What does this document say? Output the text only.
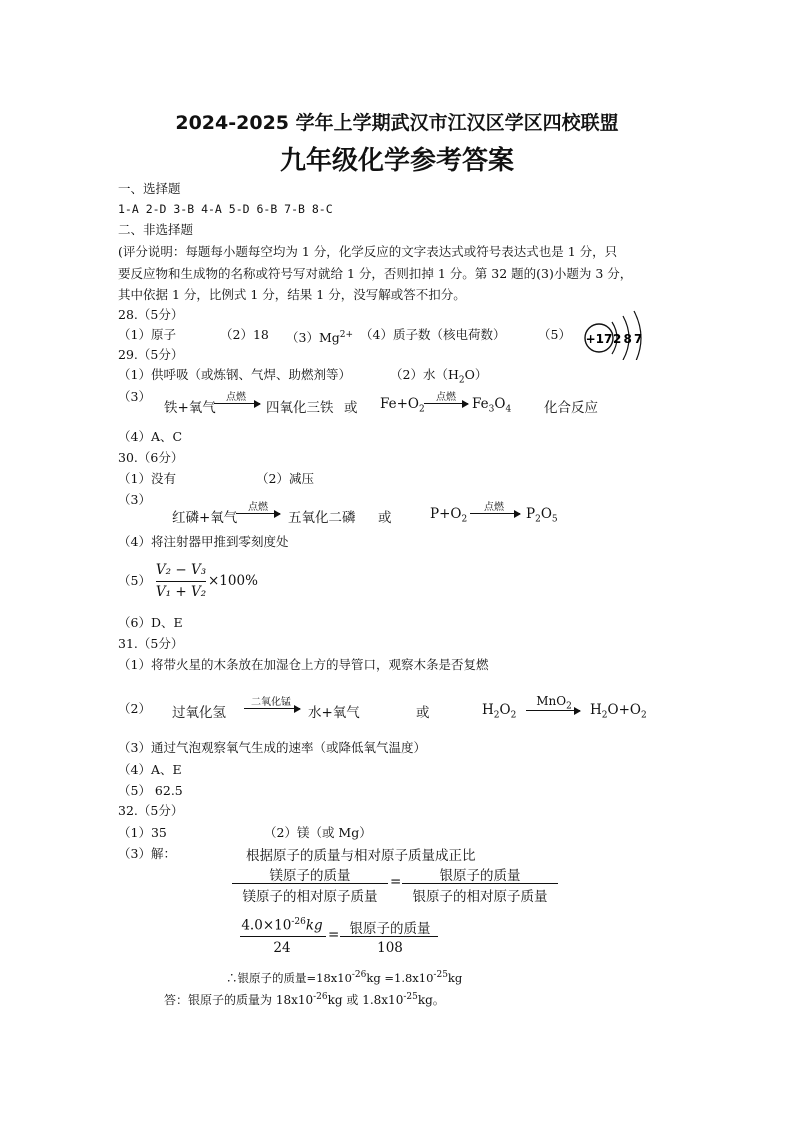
2024-2025 学年上学期武汉市江汉区学区四校联盟
九年级化学参考答案
一、选择题
1-A 2-D 3-B 4-A 5-D 6-B 7-B 8-C
二、非选择题
(评分说明：每题每小题每空均为 1 分，化学反应的文字表达式或符号表达式也是 1 分，只
要反应物和生成物的名称或符号写对就给 1 分，否则扣掉 1 分。第 32 题的(3)小题为 3 分，
其中依据 1 分，比例式 1 分，结果 1 分，没写解或答不扣分。
28.（5分）
（1）原子	（2）18 $(3)Mg^{2+}$ （4）质子数（核电荷数）	（5） +17 2 8 7
29.（5分）
（1）供呼吸（或炼钢、气焊、助燃剂等）	（2）水$(H_2O)$
（3）
铁+氧气
点燃
四氧化三铁 或 $Fe+O_2$
点燃	$Fe_3O_4$ 化合反应
（4）A、C
30.（6分）
（1）没有	（2）减压
（3）
红磷+氧气
点燃
五氧化二磷 或	$P+O_2$
点燃	$P_2O_5$
（4）将注射器甲推到零刻度处
（5）
V₂ − V₃
V₁ + V₂
×100%
（6）D、E
31.（5分）
（1）将带火星的木条放在加湿仓上方的导管口，观察木条是否复燃
（2） 过氧化氢
二氧化锰
水+氧气	或	$H_2O_2$
MnO$_2$	$H_2O+O_2$
（3）通过气泡观察氧气生成的速率（或降低氧气温度）
（4）A、E
（5） 62.5
32.（5分）
（1）35	（2）镁（或 Mg）
（3）解：	根据原子的质量与相对原子质量成正比
镁原子的质量
镁原子的相对原子质量
=	银原子的质量
银原子的相对原子质量
$4.0\times 10^{-26}kg$
24
= 银原子的质量
108
∴银原子的质量$=18x10^{-26}kg =1.8x10^{-25}kg$
答：银原子的质量为 $18x10^{-26}kg$ 或 $1.8x10^{-25}kg$。
